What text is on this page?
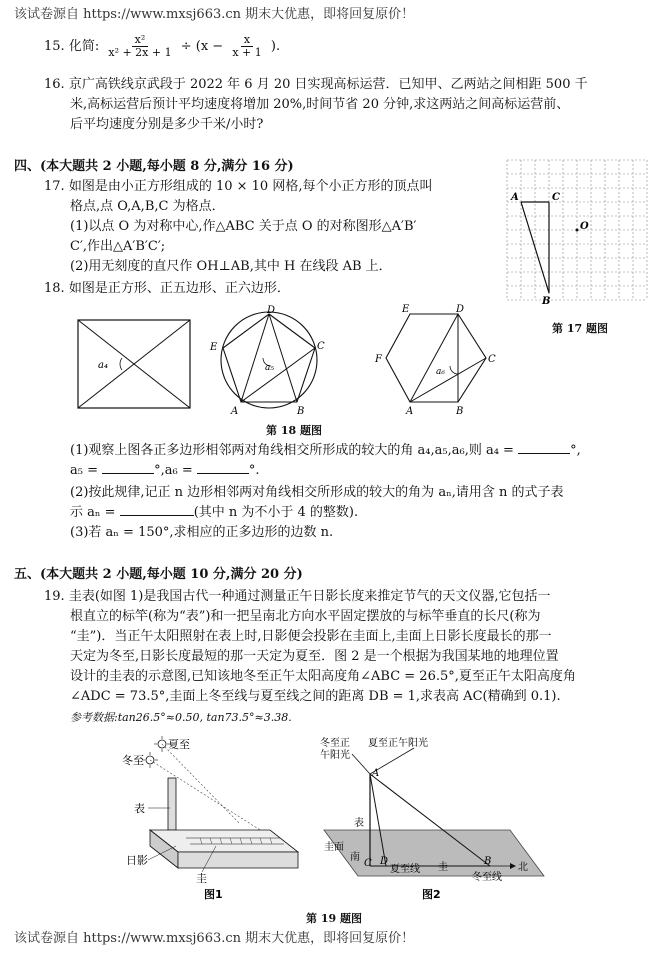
该试卷源自 https://www.mxsj663.cn 期末大优惠，即将回复原价！
15. 化简: $\frac{\text{x²}}{\text{x² + 2x + 1}} \div (x - \frac{x}{x + 1}$ ).
16. 京广高铁线京武段于 2022 年 6 月 20 日实现高标运营．已知甲、乙两站之间相距 500 千
米,高标运营后预计平均速度将增加 20%,时间节省 20 分钟,求这两站之间高标运营前、
后平均速度分别是多少千米/小时?
四、(本大题共 2 小题,每小题 8 分,满分 16 分)
17. 如图是由小正方形组成的 10 × 10 网格,每个小正方形的顶点叫
格点,点 O,A,B,C 为格点．
(1)以点 O 为对称中心,作△ABC 关于点 O 的对称图形△A′B′
C′,作出△A′B′C′;
(2)用无刻度的直尺作 OH⊥AB,其中 H 在线段 AB 上．
18. 如图是正方形、正五边形、正六边形．
A	C
O
B
第 17 题图
a₄
D
C
B
A
E
a₅
E	D
C
B
A
F
a₆
第 18 题图
(1)观察上图各正多边形相邻两对角线相交所形成的较大的角 a₄,a₅,a₆,则 a₄ =	°,
a₅ =	°,a₆ =	°.
(2)按此规律,记正 n 边形相邻两对角线相交所形成的较大的角为 aₙ,请用含 n 的式子表
示 aₙ =	(其中 n 为不小于 4 的整数).
(3)若 aₙ = 150°,求相应的正多边形的边数 n.
五、(本大题共 2 小题,每小题 10 分,满分 20 分)
19. 圭表(如图 1)是我国古代一种通过测量正午日影长度来推定节气的天文仪器,它包括一
根直立的标竿(称为“表”)和一把呈南北方向水平固定摆放的与标竿垂直的长尺(称为
“圭”)．当正午太阳照射在表上时,日影便会投影在圭面上,圭面上日影长度最长的那一
天定为冬至,日影长度最短的那一天定为夏至．图 2 是一个根据为我国某地的地理位置
设计的圭表的示意图,已知该地冬至正午太阳高度角∠ABC = 26.5°,夏至正午太阳高度角
∠ADC = 73.5°,圭面上冬至线与夏至线之间的距离 DB = 1,求表高 AC(精确到 0.1).
参考数据:tan26.5°≈0.50, tan73.5°≈3.38.
夏至
冬至
表
日影
圭
图1
冬至正
午阳光
夏至正午阳光
A
表
圭面
南
C D
夏至线 圭
B
北
冬至线
图2
第 19 题图
该试卷源自 https://www.mxsj663.cn 期末大优惠，即将回复原价！
